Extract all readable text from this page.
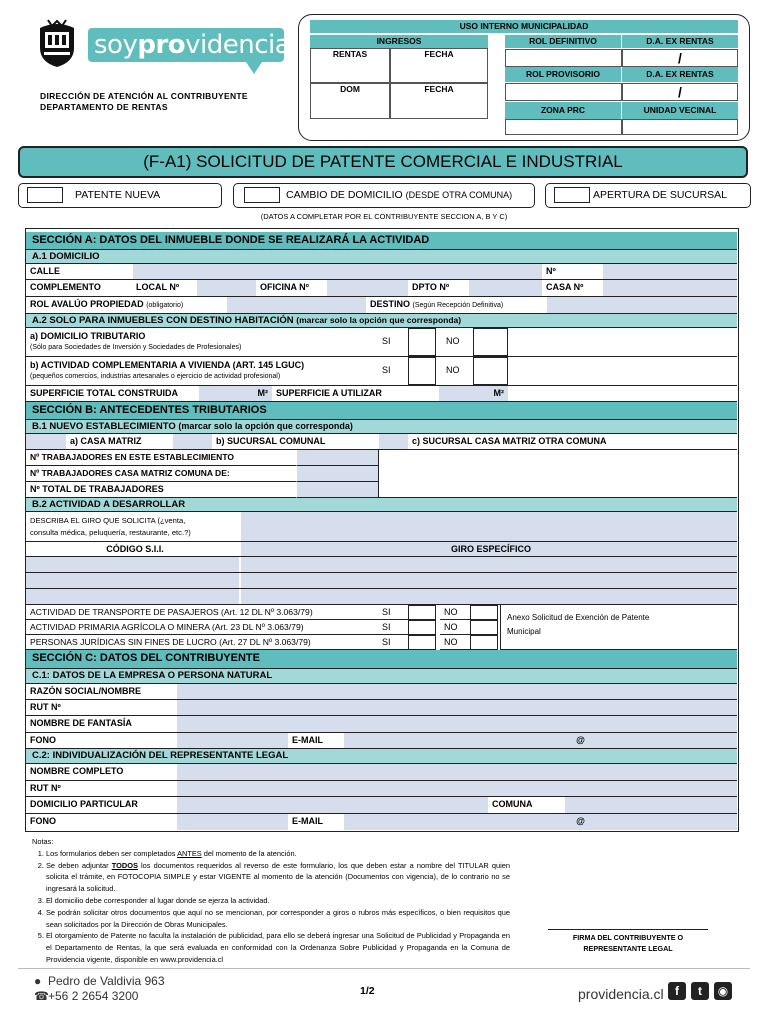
soyprovidencia
DIRECCIÓN DE ATENCIÓN AL CONTRIBUYENTE
DEPARTAMENTO DE RENTAS
USO INTERNO MUNICIPALIDAD
INGRESOS
RENTAS	FECHA
DOM	FECHA
ROL DEFINITIVO	D.A. EX RENTAS
/
ROL PROVISORIO	D.A. EX RENTAS
/
ZONA PRC	UNIDAD VECINAL
(F-A1) SOLICITUD DE PATENTE COMERCIAL E INDUSTRIAL
PATENTE NUEVA	CAMBIO DE DOMICILIO (DESDE OTRA COMUNA)	APERTURA DE SUCURSAL
(DATOS A COMPLETAR POR EL CONTRIBUYENTE SECCION A, B Y C)
SECCIÓN A: DATOS DEL INMUEBLE DONDE SE REALIZARÁ LA ACTIVIDAD
A.1 DOMICILIO
CALLE	Nº
COMPLEMENTO	LOCAL Nº	OFICINA Nº	DPTO Nº	CASA Nº
ROL AVALÚO PROPIEDAD (obligatorio)	DESTINO (Según Recepción Definitiva)
A.2 SOLO PARA INMUEBLES CON DESTINO HABITACIÓN (marcar solo la opción que corresponda)
a) DOMICILIO TRIBUTARIO
(Sólo para Sociedades de Inversión y Sociedades de Profesionales)
SI	NO
b) ACTIVIDAD COMPLEMENTARIA A VIVIENDA (ART. 145 LGUC)
(pequeños comercios, industrias artesanales o ejercicio de actividad profesional)
SI	NO
SUPERFICIE TOTAL CONSTRUIDA	M² SUPERFICIE A UTILIZAR	M²
SECCIÓN B: ANTECEDENTES TRIBUTARIOS
B.1 NUEVO ESTABLECIMIENTO (marcar solo la opción que corresponda)
a) CASA MATRIZ	b) SUCURSAL COMUNAL	c) SUCURSAL CASA MATRIZ OTRA COMUNA
Nº TRABAJADORES EN ESTE ESTABLECIMIENTO
Nº TRABAJADORES CASA MATRIZ COMUNA DE:
Nº TOTAL DE TRABAJADORES
B.2 ACTIVIDAD A DESARROLLAR
DESCRIBA EL GIRO QUE SOLICITA (¿venta,
consulta médica, peluquería, restaurante, etc.?)
CÓDIGO S.I.I.	GIRO ESPECÍFICO
ACTIVIDAD DE TRANSPORTE DE PASAJEROS (Art. 12 DL Nº 3.063/79)	SI	NO
ACTIVIDAD PRIMARIA AGRÍCOLA O MINERA (Art. 23 DL Nº 3.063/79)	SI	NO
PERSONAS JURÍDICAS SIN FINES DE LUCRO (Art. 27 DL Nº 3.063/79)	SI	NO
Anexo Solicitud de Exención de Patente
Municipal
SECCIÓN C: DATOS DEL CONTRIBUYENTE
C.1: DATOS DE LA EMPRESA O PERSONA NATURAL
RAZÓN SOCIAL/NOMBRE
RUT Nº
NOMBRE DE FANTASÍA
FONO	E-MAIL	@
C.2: INDIVIDUALIZACIÓN DEL REPRESENTANTE LEGAL
NOMBRE COMPLETO
RUT Nº
DOMICILIO PARTICULAR	COMUNA
FONO	E-MAIL	@
Notas:
1. Los formularios deben ser completados ANTES del momento de la atención.
2. Se deben adjuntar TODOS los documentos requeridos al reverso de este formulario, los que deben estar a nombre del TITULAR quien solicita el trámite, en FOTOCOPIA SIMPLE y estar VIGENTE al momento de la atención (Documentos con vigencia), de lo contrario no se ingresará la solicitud.
3. El domicilio debe corresponder al lugar donde se ejerza la actividad.
4. Se podrán solicitar otros documentos que aquí no se mencionan, por corresponder a giros o rubros más específicos, o bien requisitos que sean solicitados por la Dirección de Obras Municipales.
5. El otorgamiento de Patente no faculta la instalación de publicidad, para ello se deberá ingresar una Solicitud de Publicidad y Propaganda en el Departamento de Rentas, la que será evaluada en conformidad con la Ordenanza Sobre Publicidad y Propaganda en la Comuna de Providencia vigente, disponible en www.providencia.cl
FIRMA DEL CONTRIBUYENTE O
REPRESENTANTE LEGAL
● Pedro de Valdivia 963
☎+56 2 2654 3200	1/2	providencia.cl f	t	◉
